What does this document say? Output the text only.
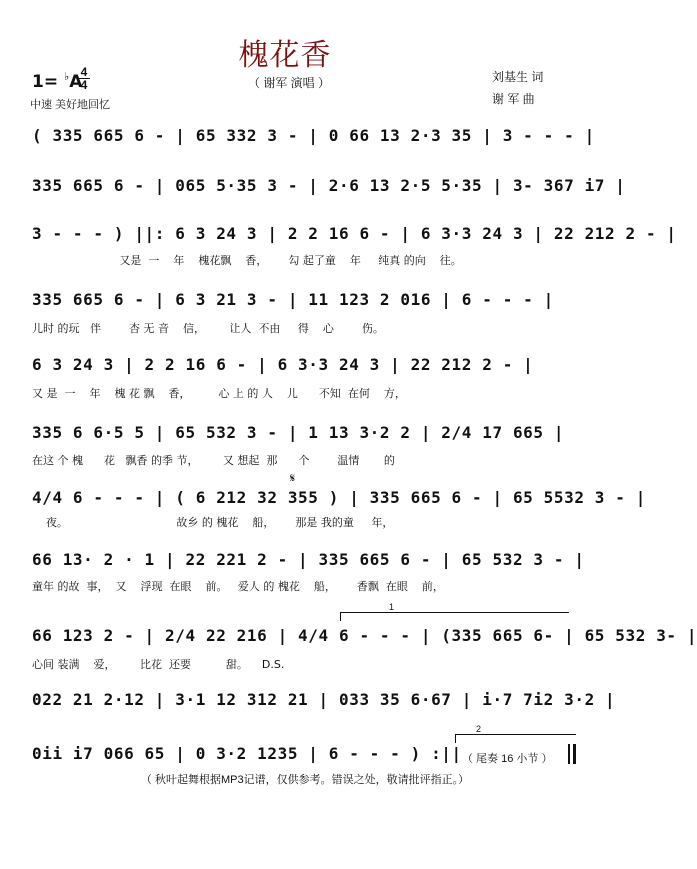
槐花香
（ 谢军 演唱 ）
1= ♭A
4
4
中速 美好地回忆
刘基生 词
谢 军 曲
( 335 665 6 - | 65 332 3 - | 0 66 13 2·3 35 | 3 - - - |
335 665 6 - | 065 5·35 3 - | 2·6 13 2·5 5·35 | 3- 367 i7 |
3 - - - ) ||: 6 3 24 3 | 2 2 16 6 - | 6 3·3 24 3 | 22 212 2 - |
又是  一    年    槐花飘    香，      勾 起了童    年     纯真 的向    往。
335 665 6 - | 6 3 21 3 - | 11 123 2 016 | 6 - - - |
儿时 的玩   伴        杏 无 音    信，       让人  不由     得    心        伤。
6 3 24 3 | 2 2 16 6 - | 6 3·3 24 3 | 22 212 2 - |
又 是  一    年    槐 花 飘    香，        心 上 的 人    儿      不知  在何    方，
335 6 6·5 5 | 65 532 3 - | 1 13 3·2 2 | 2/4 17 665 |
在这 个 槐      花   飘香 的季 节，       又 想起  那      个        温情       的
𝄋
4/4 6 - - - | ( 6 212 32 355 ) | 335 665 6 - | 65 5532 3 - |
夜。                               故乡 的 槐花    船，      那是 我的童     年，
66 13· 2 · 1 | 22 221 2 - | 335 665 6 - | 65 532 3 - |
童年 的故  事，  又    浮现  在眼    前。   爱人 的 槐花    船，      香飘  在眼    前，
1
66 123 2 - | 2/4 22 216 | 4/4 6 - - - | (335 665 6- | 65 532 3- |
心间 装满    爱，       比花  还要          甜。    D.S.
022 21 2·12 | 3·1 12 312 21 | 033 35 6·67 | i·7 7i2 3·2 |
2
0ii i7 066 65 | 0 3·2 1235 | 6 - - - ) :|| （ 尾奏 16 小节 ）
（ 秋叶起舞根据MP3记谱，仅供参考。错误之处，敬请批评指正。）
